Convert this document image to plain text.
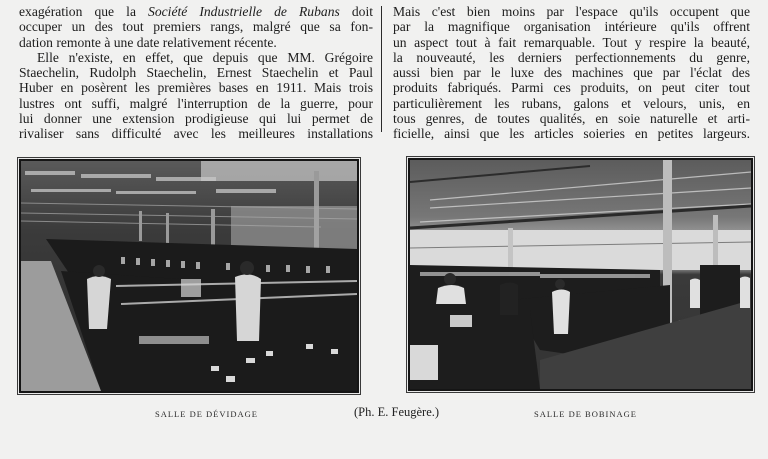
exagération que la Société Industrielle de Rubans doit
occuper un des tout premiers rangs, malgré que sa fon-
dation remonte à une date relativement récente.
Elle n'existe, en effet, que depuis que MM. Grégoire
Staechelin, Rudolph Staechelin, Ernest Staechelin et Paul
Huber en posèrent les premières bases en 1911. Mais trois
lustres ont suffi, malgré l'interruption de la guerre, pour
lui donner une extension prodigieuse qui lui permet de
rivaliser sans difficulté avec les meilleures installations
Mais c'est bien moins par l'espace qu'ils occupent que
par la magnifique organisation intérieure qu'ils offrent
un aspect tout à fait remarquable. Tout y respire la beauté,
la nouveauté, les derniers perfectionnements du genre,
aussi bien par le luxe des machines que par l'éclat des
produits fabriqués. Parmi ces produits, on peut citer tout
particulièrement les rubans, galons et velours, unis, en
tous genres, de toutes qualités, en soie naturelle et arti-
ficielle, ainsi que les articles soieries en petites largeurs.
SALLE DE DÉVIDAGE	(Ph. E. Feugère.)	SALLE DE BOBINAGE
